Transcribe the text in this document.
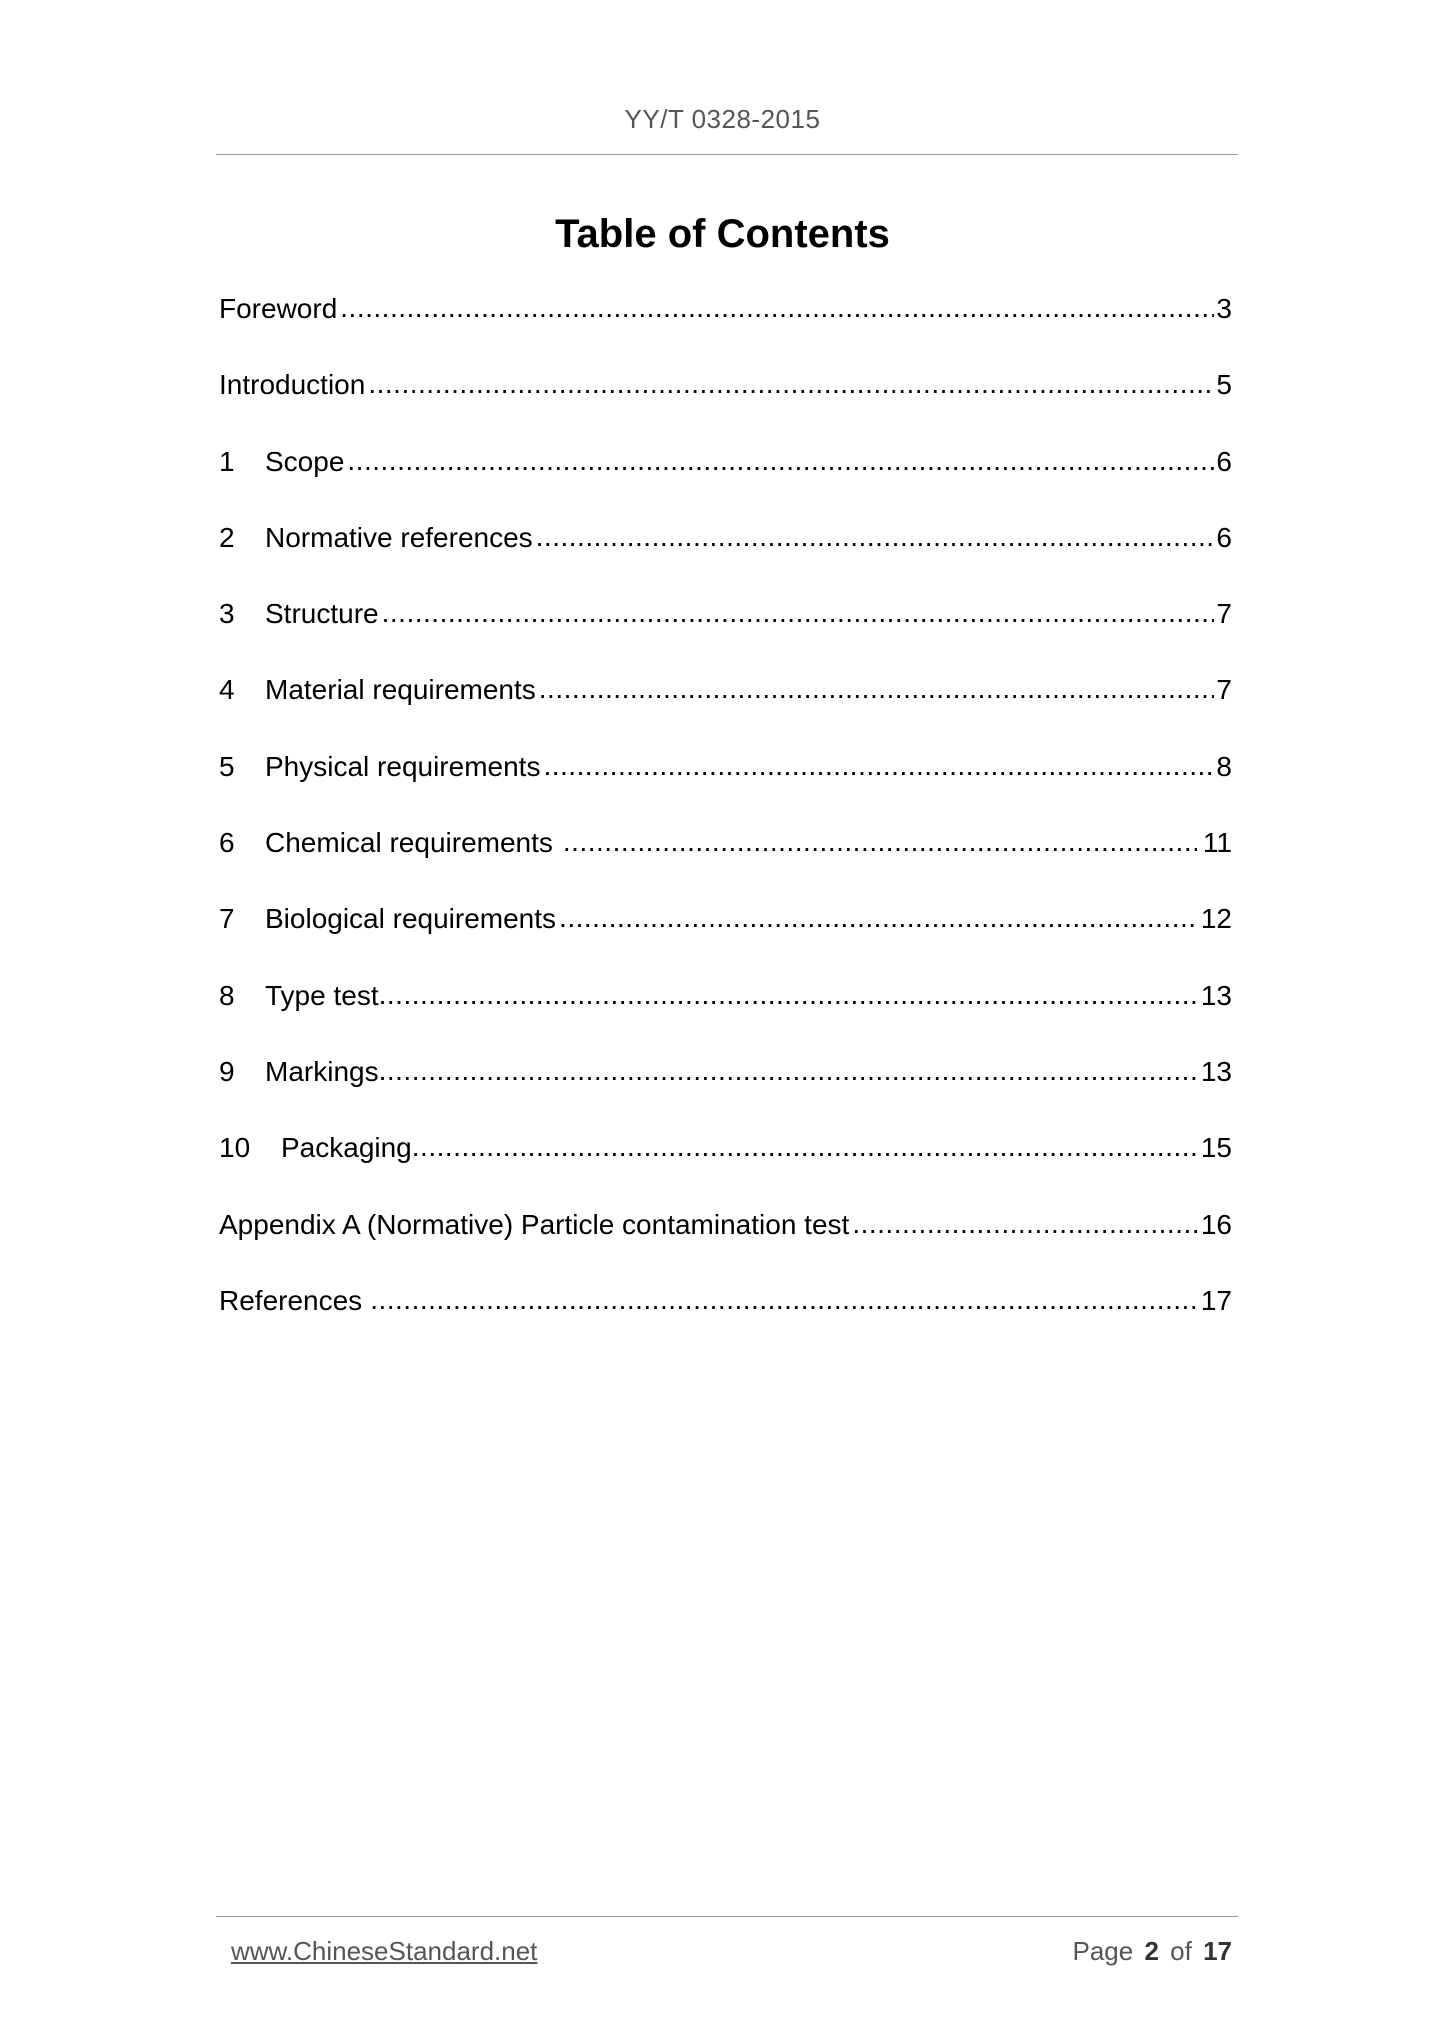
YY/T 0328-2015
Table of Contents
Foreword .....	3
Introduction .....	5
1	Scope .....	6
2	Normative references .....	6
3	Structure .....	7
4	Material requirements .....	7
5	Physical requirements .....	8
6	Chemical requirements .....	11
7	Biological requirements .....	12
8	Type test .....	13
9	Markings .....	13
10	Packaging .....	15
Appendix A (Normative) Particle contamination test .....	16
References .....	17
www.ChineseStandard.net	Page 2 of 17
